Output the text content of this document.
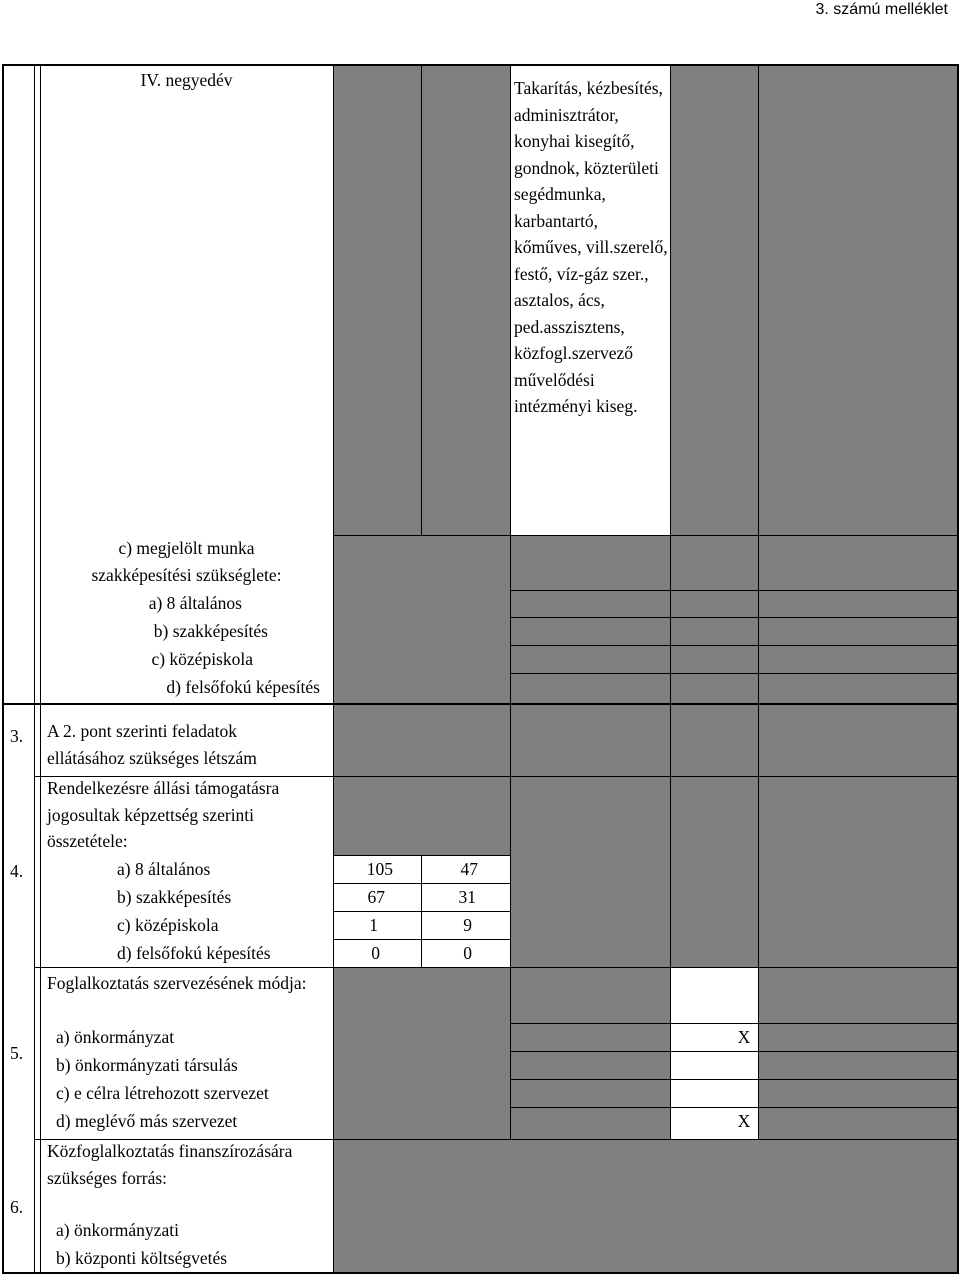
3. számú melléklet
IV. negyedév	Takarítás, kézbesítés, adminisztrátor, konyhai kisegítő, gondnok, közterületi segédmunka, karbantartó, kőműves, vill.szerelő, festő, víz-gáz szer., asztalos, ács, ped.asszisztens, közfogl.szervező művelődési intézményi kiseg.
c) megjelölt munka
szakképesítési szükséglete:
a) 8 általános
b) szakképesítés
c) középiskola
d) felsőfokú képesítés
3. A 2. pont szerinti feladatok
ellátásához szükséges létszám
4.
Rendelkezésre állási támogatásra jogosultak képzettség szerinti összetétele:
a) 8 általános	105	47
b) szakképesítés	67	31
c) középiskola	1	9
d) felsőfokú képesítés	0	0
5.
Foglalkoztatás szervezésének módja:
a) önkormányzat	X
b) önkormányzati társulás
c) e célra létrehozott szervezet
d) meglévő más szervezet	X
6.
Közfoglalkoztatás finanszírozására szükséges forrás:
a) önkormányzati
b) központi költségvetés
